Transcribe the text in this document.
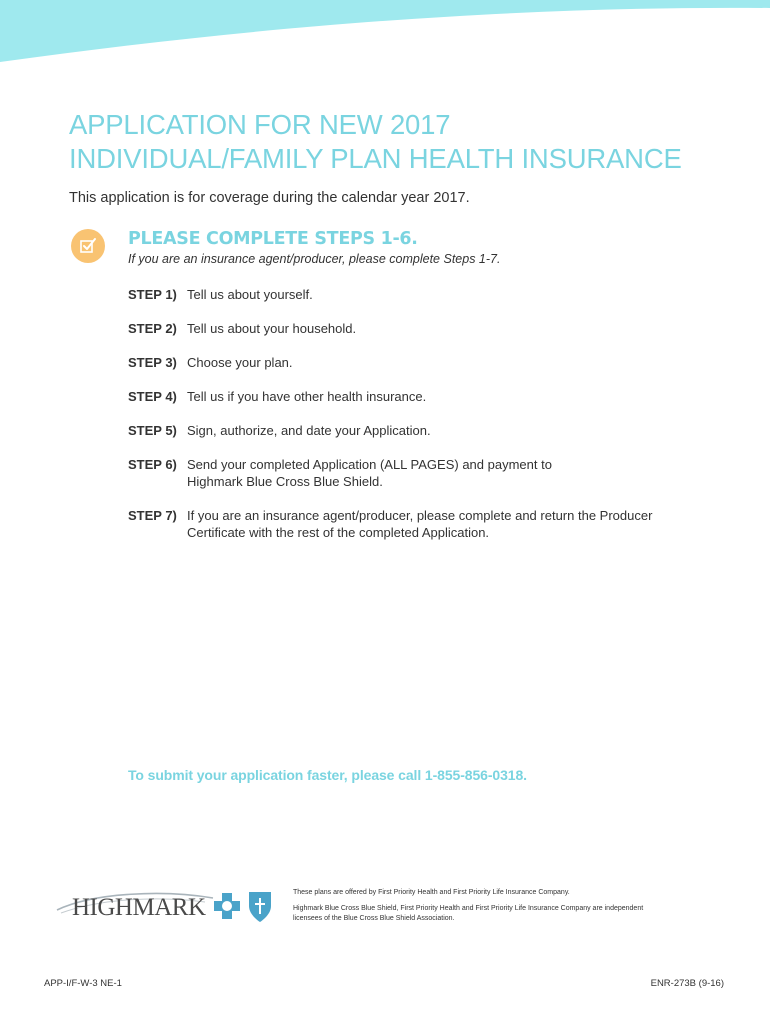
APPLICATION FOR NEW 2017
INDIVIDUAL/FAMILY PLAN HEALTH INSURANCE

This application is for coverage during the calendar year 2017.

PLEASE COMPLETE STEPS 1-6.

If you are an insurance agent/producer, please complete Steps 1-7.

STEP 1) Tell us about yourself.
STEP 2) Tell us about your household.
STEP 3) Choose your plan.
STEP 4) Tell us if you have other health insurance.
STEP 5) Sign, authorize, and date your Application.
STEP 6) Send your completed Application (ALL PAGES) and payment to
Highmark Blue Cross Blue Shield.
STEP 7) If you are an insurance agent/producer, please complete and return the Producer
Certificate with the rest of the completed Application.

To submit your application faster, please call 1-855-856-0318.

HIGHMARK

These plans are offered by First Priority Health and First Priority Life Insurance Company.

Highmark Blue Cross Blue Shield, First Priority Health and First Priority Life Insurance Company are independent licensees of the Blue Cross Blue Shield Association.

APP-I/F-W-3 NE-1	ENR-273B (9-16)
